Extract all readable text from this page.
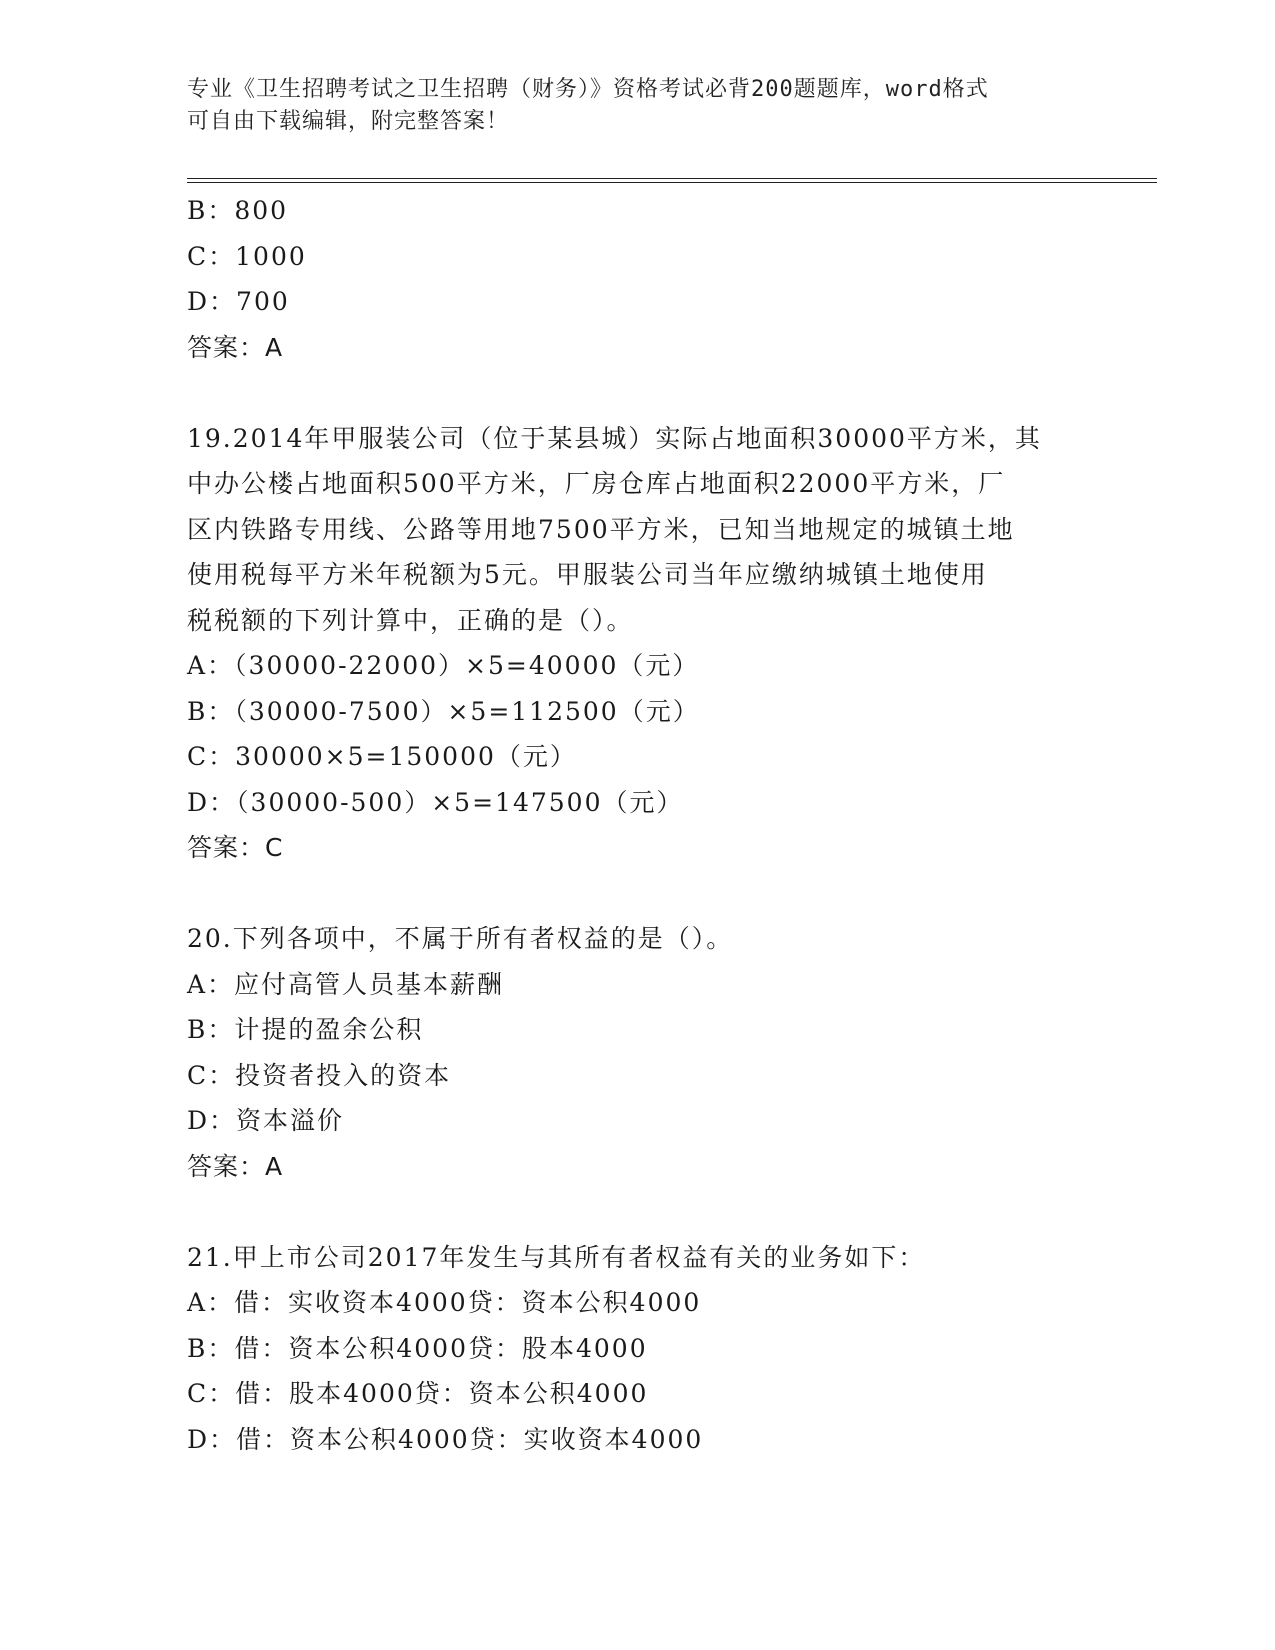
专业《卫生招聘考试之卫生招聘（财务）》资格考试必背200题题库，word格式
可自由下载编辑，附完整答案！
B：800
C：1000
D：700
答案：A
19.2014年甲服装公司（位于某县城）实际占地面积30000平方米，其
中办公楼占地面积500平方米，厂房仓库占地面积22000平方米，厂
区内铁路专用线、公路等用地7500平方米，已知当地规定的城镇土地
使用税每平方米年税额为5元。甲服装公司当年应缴纳城镇土地使用
税税额的下列计算中，正确的是（）。
A：（30000-22000）×5=40000（元）
B：（30000-7500）×5=112500（元）
C：30000×5=150000（元）
D：（30000-500）×5=147500（元）
答案：C
20.下列各项中，不属于所有者权益的是（）。
A：应付高管人员基本薪酬
B：计提的盈余公积
C：投资者投入的资本
D：资本溢价
答案：A
21.甲上市公司2017年发生与其所有者权益有关的业务如下：
A：借：实收资本4000贷：资本公积4000
B：借：资本公积4000贷：股本4000
C：借：股本4000贷：资本公积4000
D：借：资本公积4000贷：实收资本4000
